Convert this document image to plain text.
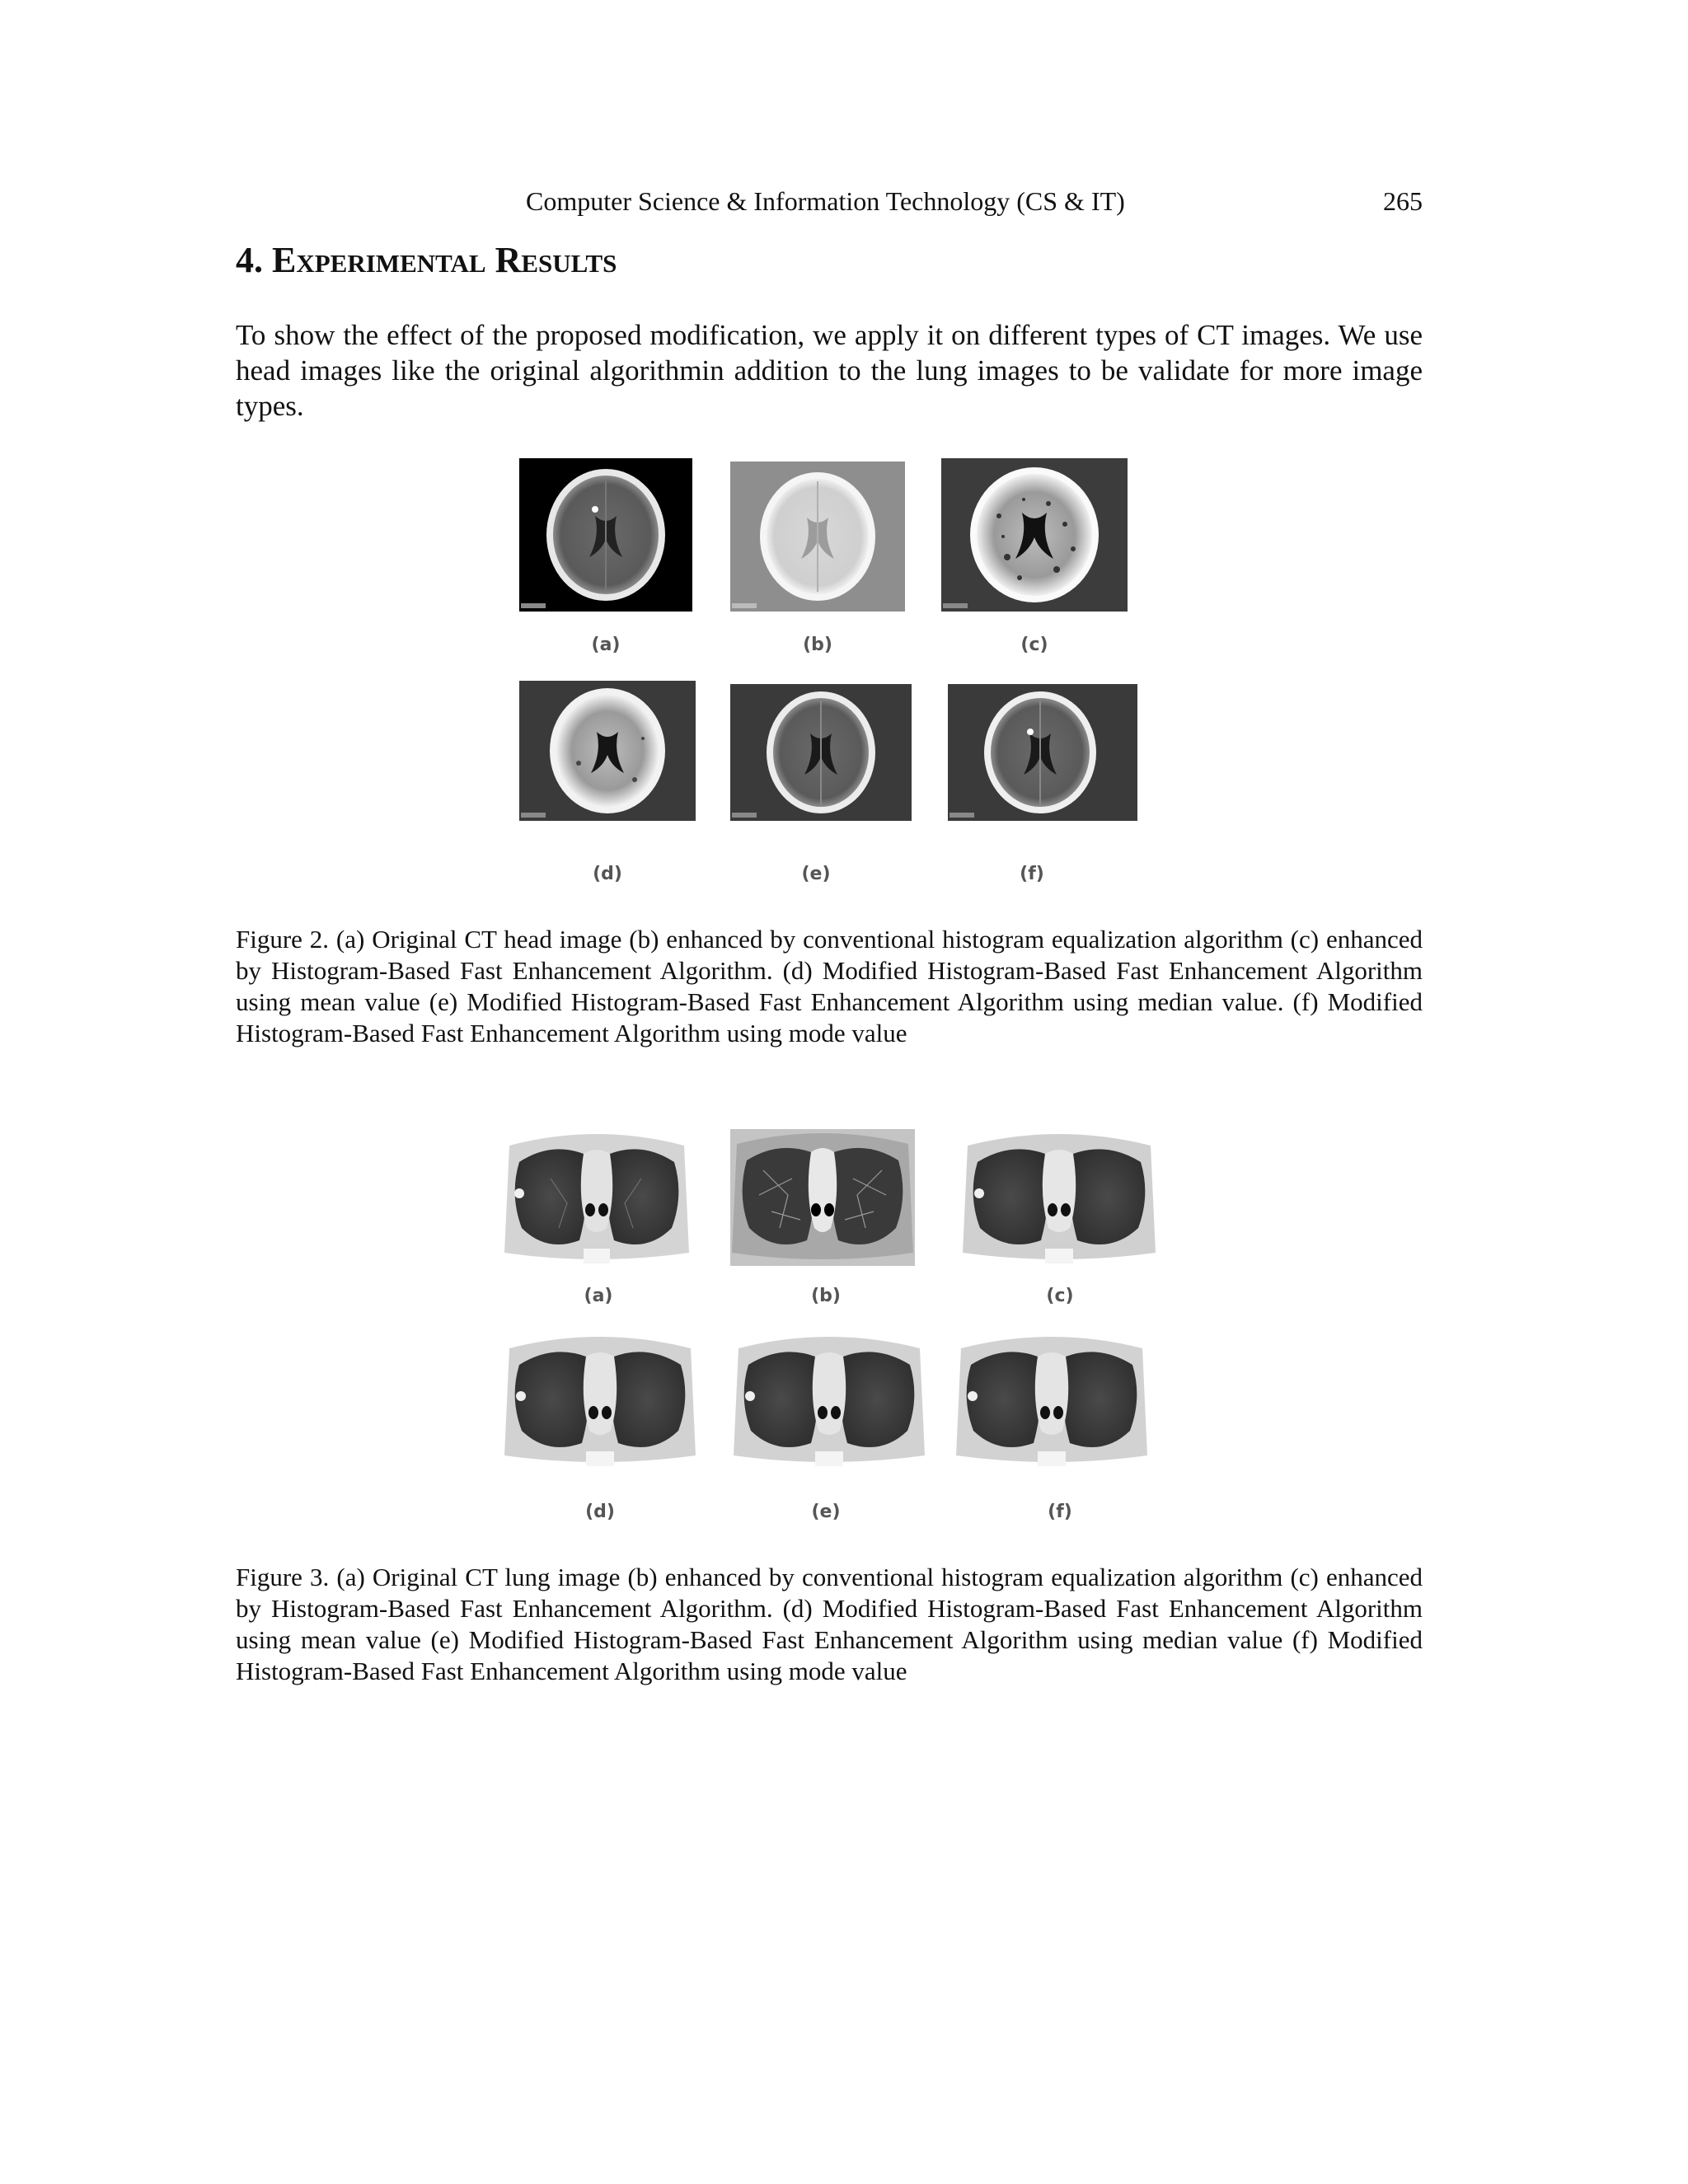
Computer Science & Information Technology (CS & IT)	265
4. Experimental Results

To show the effect of the proposed modification, we apply it on different types of CT images. We use head images like the original algorithmin addition to the lung images to be validate for more image types.

(a)	(b)	(c)
(d)	(e)	(f)

Figure 2. (a) Original CT head image (b) enhanced by conventional histogram equalization algorithm (c) enhanced by Histogram-Based Fast Enhancement Algorithm. (d) Modified Histogram-Based Fast Enhancement Algorithm using mean value (e) Modified Histogram-Based Fast Enhancement Algorithm using median value. (f) Modified Histogram-Based Fast Enhancement Algorithm using mode value

(a)	(b)	(c)
(d)	(e)	(f)

Figure 3. (a) Original CT lung image (b) enhanced by conventional histogram equalization algorithm (c) enhanced by Histogram-Based Fast Enhancement Algorithm. (d) Modified Histogram-Based Fast Enhancement Algorithm using mean value (e) Modified Histogram-Based Fast Enhancement Algorithm using median value (f) Modified Histogram-Based Fast Enhancement Algorithm using mode value
